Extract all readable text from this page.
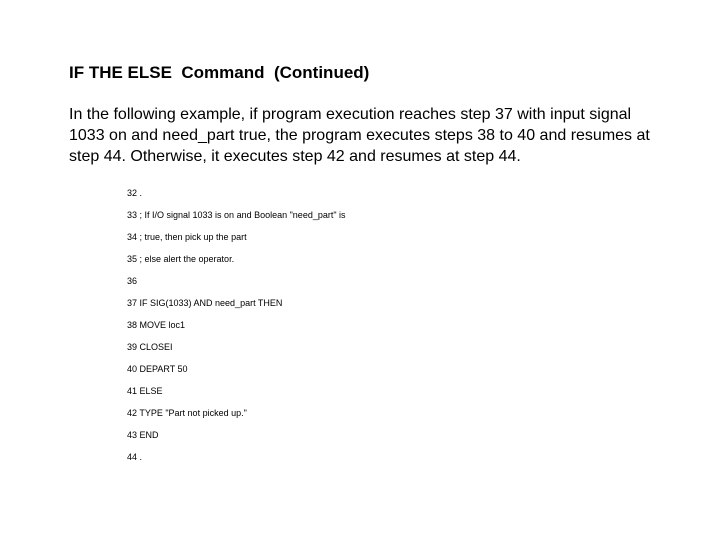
IF THE ELSE  Command  (Continued)

In the following example, if program execution reaches step 37 with input signal
1033 on and need_part true, the program executes steps 38 to 40 and resumes at
step 44. Otherwise, it executes step 42 and resumes at step 44.

32 .
33 ; If I/O signal 1033 is on and Boolean "need_part" is
34 ; true, then pick up the part
35 ; else alert the operator.
36
37 IF SIG(1033) AND need_part THEN
38 MOVE loc1
39 CLOSEI
40 DEPART 50
41 ELSE
42 TYPE "Part not picked up."
43 END
44 .
